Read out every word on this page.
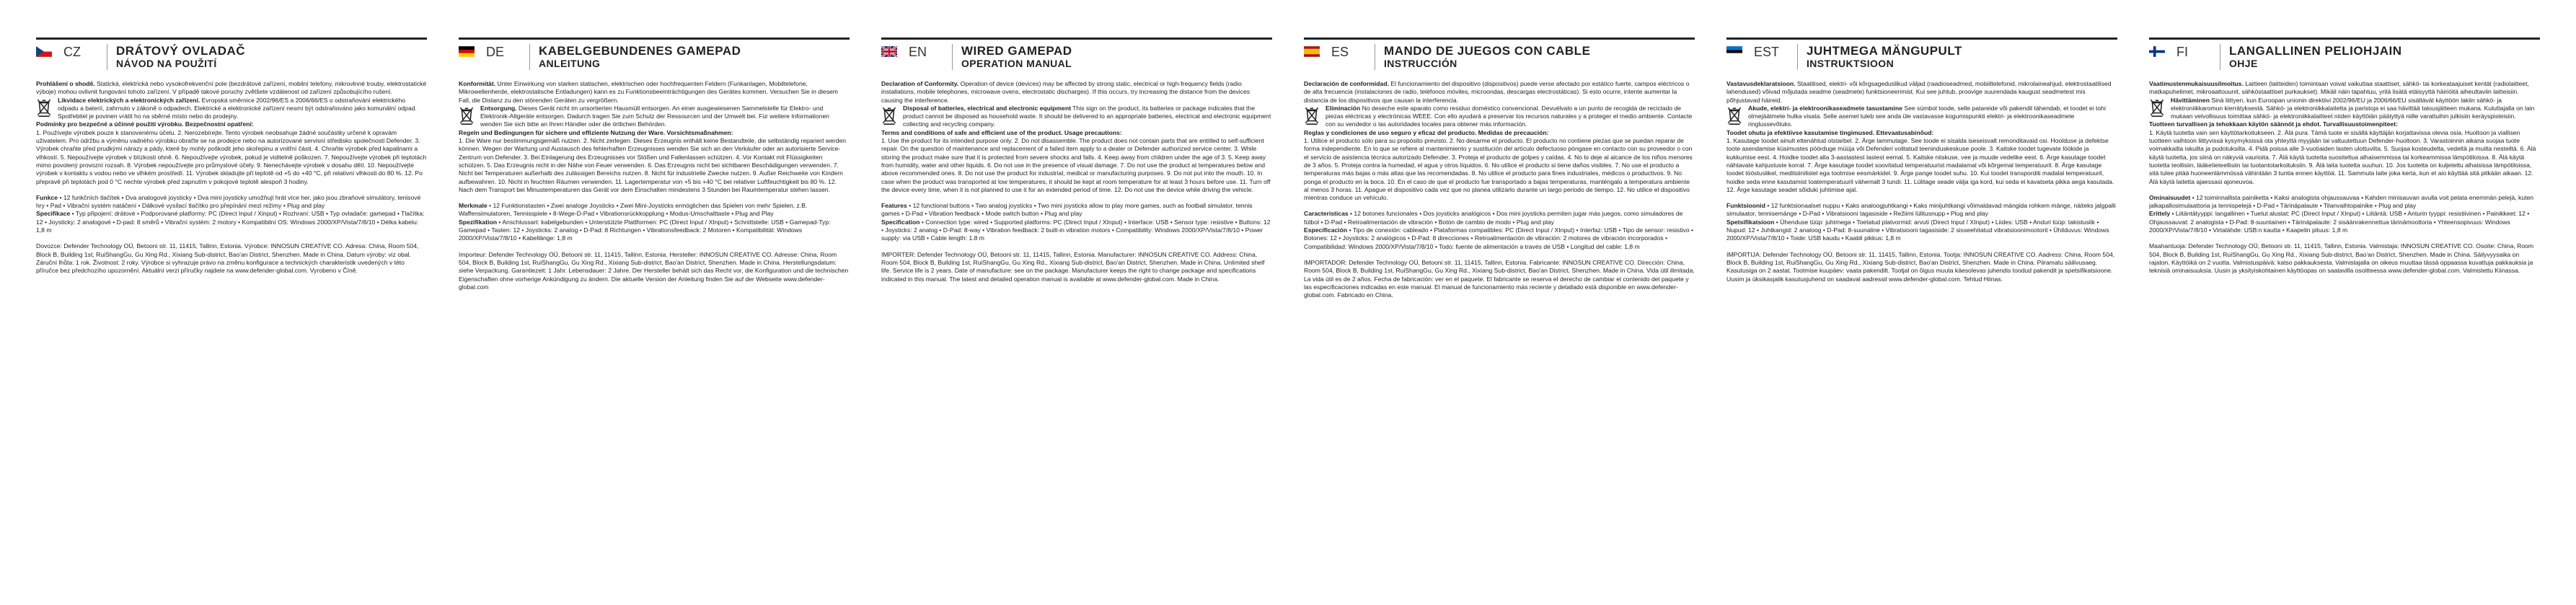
CZ	DRÁTOVÝ OVLADAČ
NÁVOD NA POUŽITÍ

Prohlášení o shodě. Statická, elektrická nebo vysokofrekvenční pole (bezdrátové zařízení, mobilní telefony, mikrovlnné trouby, elektrostatické výboje) mohou ovlivnit fungování tohoto zařízení. V případě takové poruchy zvětšete vzdálenost od zařízení způsobujícího rušení.

Likvidace elektrických a elektronických zařízení. Evropská směrnice 2002/96/ES a 2006/66/ES o odstraňování elektrického odpadu a baterií, zahrnuto v zákoně o odpadech. Elektrické a elektronické zařízení nesmí být odstraňováno jako komunální odpad. Spotřebitel je povinen vrátit ho na sběrné místo nebo do prodejny.

Podmínky pro bezpečné a účinné použití výrobku. Bezpečnostní opatření:

1. Používejte výrobek pouze k stanovenému účelu. 2. Nerozebírejte. Tento výrobek neobsahuje žádné součástky určené k opravám uživatelem. Pro údržbu a výměnu vadného výrobku obraťte se na prodejce nebo na autorizované servisní středisko společnosti Defender. 3. Výrobek chraňte před prudkými nárazy a pády, které by mohly poškodit jeho skořepinu a vnitřní části. 4. Chraňte výrobek před kapalinami a vlhkostí. 5. Nepoužívejte výrobek v blízkosti ohně. 6. Nepoužívejte výrobek, pokud je viditelně poškozen. 7. Nepoužívejte výrobek při teplotách mimo povolený provozní rozsah. 8. Výrobek nepoužívejte pro průmyslové účely. 9. Nenechávejte výrobek v dosahu dětí. 10. Nepoužívejte výrobek v kontaktu s vodou nebo ve vlhkém prostředí. 11. Výrobek skladujte při teplotě od +5 do +40 °C, při relativní vlhkosti do 80 %. 12. Po přepravě při teplotách pod 0 °C nechte výrobek před zapnutím v pokojové teplotě alespoň 3 hodiny.

Funkce • 12 funkčních tlačítek • Dva analogové joysticky • Dva mini joysticky umožňují hrát více her, jako jsou zbraňové simulátory, tenisové hry • Pad • Vibrační systém natáčení • Dálkové vysílací tlačítko pro přepínání mezi režimy • Plug and play

Specifikace • Typ připojení: drátové • Podporované platformy: PC (Direct Input / Xinput) • Rozhraní: USB • Typ ovladače: gamepad • Tlačítka: 12 • Joysticky: 2 analogové • D-pad: 8 směrů • Vibrační systém: 2 motory • Kompatibilní OS: Windows 2000/XP/Vista/7/8/10 • Délka kabelu: 1,8 m

Dovozce: Defender Technology OÜ, Betooni str. 11, 11415, Tallinn, Estonia. Výrobce: INNOSUN CREATIVE CO. Adresa: China, Room 504, Block B, Building 1st, RuiShangGu, Gu Xing Rd., Xixiang Sub-district, Bao'an District, Shenzhen. Made in China. Datum výroby: viz obal. Záruční lhůta: 1 rok. Životnost: 2 roky. Výrobce si vyhrazuje právo na změnu konfigurace a technických charakteristik uvedených v této příručce bez předchozího upozornění. Aktuální verzi příručky najdete na www.defender-global.com. Vyrobeno v Číně.

DE	KABELGEBUNDENES GAMEPAD
ANLEITUNG

Konformität. Unter Einwirkung von starken statischen, elektrischen oder hochfrequenten Feldern (Funkanlagen, Mobiltelefone, Mikrowellenherde, elektrostatische Entladungen) kann es zu Funktionsbeeinträchtigungen des Gerätes kommen. Versuchen Sie in diesem Fall, die Distanz zu den störenden Geräten zu vergrößern.

Entsorgung. Dieses Gerät nicht im unsortierten Hausmüll entsorgen. An einer ausgewiesenen Sammelstelle für Elektro- und Elektronik-Altgeräte entsorgen. Dadurch tragen Sie zum Schutz der Ressourcen und der Umwelt bei. Für weitere Informationen wenden Sie sich bitte an Ihren Händler oder die örtlichen Behörden.

Regeln und Bedingungen für sichere und effiziente Nutzung der Ware. Vorsichtsmaßnahmen:

1. Die Ware nur bestimmungsgemäß nutzen. 2. Nicht zerlegen. Dieses Erzeugnis enthält keine Bestandteile, die selbständig repariert werden können. Wegen der Wartung und Austausch des fehlerhaften Erzeugnisses wenden Sie sich an den Verkäufer oder an autorisierte Service-Zentrum von Defender. 3. Bei Einlagerung des Erzeugnisses vor Stößen und Fallenlassen schützen. 4. Vor Kontakt mit Flüssigkeiten schützen. 5. Das Erzeugnis nicht in der Nähe von Feuer verwenden. 6. Das Erzeugnis nicht bei sichtbaren Beschädigungen verwenden. 7. Nicht bei Temperaturen außerhalb des zulässigen Bereichs nutzen. 8. Nicht für industrielle Zwecke nutzen. 9. Außer Reichweite von Kindern aufbewahren. 10. Nicht in feuchten Räumen verwenden. 11. Lagertemperatur von +5 bis +40 °C bei relativer Luftfeuchtigkeit bis 80 %. 12. Nach dem Transport bei Minustemperaturen das Gerät vor dem Einschalten mindestens 3 Stunden bei Raumtemperatur stehen lassen.

Merkmale • 12 Funktionstasten • Zwei analoge Joysticks • Zwei Mini-Joysticks ermöglichen das Spielen von mehr Spielen, z.B. Waffensimulatoren, Tennisspiele • 8-Wege-D-Pad • Vibrationsrückkopplung • Modus-Umschalttaste • Plug and Play

Spezifikation • Anschlussart: kabelgebunden • Unterstützte Plattformen: PC (Direct Input / XInput) • Schnittstelle: USB • Gamepad-Typ: Gamepad • Tasten: 12 • Joysticks: 2 analog • D-Pad: 8 Richtungen • Vibrationsfeedback: 2 Motoren • Kompatibilität: Windows 2000/XP/Vista/7/8/10 • Kabellänge: 1,8 m

Importeur: Defender Technology OÜ, Betooni str. 11, 11415, Tallinn, Estonia. Hersteller: INNOSUN CREATIVE CO. Adresse: China, Room 504, Block B, Building 1st, RuiShangGu, Gu Xing Rd., Xixiang Sub-district, Bao'an District, Shenzhen. Made in China. Herstellungsdatum: siehe Verpackung. Garantiezeit: 1 Jahr. Lebensdauer: 2 Jahre. Der Hersteller behält sich das Recht vor, die Konfiguration und die technischen Eigenschaften ohne vorherige Ankündigung zu ändern. Die aktuelle Version der Anleitung finden Sie auf der Webseite www.defender-global.com

EN	WIRED GAMEPAD
OPERATION MANUAL

Declaration of Conformity. Operation of device (devices) may be affected by strong static, electrical or high-frequency fields (radio installations, mobile telephones, microwave ovens, electrostatic discharges). If this occurs, try increasing the distance from the devices causing the interference.

Disposal of batteries, electrical and electronic equipment This sign on the product, its batteries or package indicates that the product cannot be disposed as household waste. It should be delivered to an appropriate batteries, electrical and electronic equipment collecting and recycling company.

Terms and conditions of safe and efficient use of the product. Usage precautions:

1. Use the product for its intended purpose only. 2. Do not disassemble. The product does not contain parts that are entitled to self-sufficient repair. On the question of maintenance and replacement of a failed item apply to a dealer or Defender authorized service center. 3. While storing the product make sure that it is protected from severe shocks and falls. 4. Keep away from children under the age of 3. 5. Keep away from humidity, water and other liquids. 6. Do not use in the presence of visual damage. 7. Do not use the product at temperatures below and above recommended ones. 8. Do not use the product for industrial, medical or manufacturing purposes. 9. Do not put into the mouth. 10. In case when the product was transported at low temperatures, it should be kept at room temperature for at least 3 hours before use. 11. Turn off the device every time, when it is not planned to use it for an extended period of time. 12. Do not use the device while driving the vehicle.

Features • 12 functional buttons • Two analog joysticks • Two mini joysticks allow to play more games, such as football simulator, tennis games • D-Pad • Vibration feedback • Mode switch button • Plug and play

Specification • Connection type: wired • Supported platforms: PC (Direct Input / XInput) • Interface: USB • Sensor type: resistive • Buttons: 12 • Joysticks: 2 analog • D-Pad: 8-way • Vibration feedback: 2 built-in vibration motors • Compatibility: Windows 2000/XP/Vista/7/8/10 • Power supply: via USB • Cable length: 1.8 m

IMPORTER: Defender Technology OÜ, Betooni str. 11, 11415, Tallinn, Estonia. Manufacturer: INNOSUN CREATIVE CO. Address: China, Room 504, Block B, Building 1st, RuiShangGu, Gu Xing Rd., Xixiang Sub-district, Bao'an District, Shenzhen. Made in China. Unlimited shelf life. Service life is 2 years. Date of manufacture: see on the package. Manufacturer keeps the right to change package and specifications indicated in this manual. The latest and detailed operation manual is available at www.defender-global.com. Made in China.

ES	MANDO DE JUEGOS CON CABLE
INSTRUCCIÓN

Declaración de conformidad. El funcionamiento del dispositivo (dispositivos) puede verse afectado por estático fuerte, campos eléctricos o de alta frecuencia (instalaciones de radio, teléfonos móviles, microondas, descargas electrostáticas). Si esto ocurre, intente aumentar la distancia de los dispositivos que causan la interferencia.

Eliminación No deseche este aparato como residuo doméstico convencional. Devuélvalo a un punto de recogida de reciclado de piezas eléctricas y electrónicas WEEE. Con ello ayudará a preservar los recursos naturales y a proteger el medio ambiente. Contacte con su vendedor o las autoridades locales para obtener más información.

Reglas y condiciones de uso seguro y eficaz del producto. Medidas de precaución:

1. Utilice el producto sólo para su propósito previsto. 2. No desarme el producto. El producto no contiene piezas que se puedan reparar de forma independiente. En lo que se refiere al mantenimiento y sustitución del artículo defectuoso póngase en contacto con su proveedor o con el servicio de asistencia técnica autorizado Defender. 3. Proteja el producto de golpes y caídas. 4. No lo deje al alcance de los niños menores de 3 años. 5. Proteja contra la humedad, el agua y otros líquidos. 6. No utilice el producto si tiene daños visibles. 7. No use el producto a temperaturas más bajas o más altas que las recomendadas. 8. No utilice el producto para fines industriales, médicos o productivos. 9. No ponga el producto en la boca. 10. En el caso de que el producto fue transportado a bajas temperaturas, manténgalo a temperatura ambiente al menos 3 horas. 11. Apague el dispositivo cada vez que no planea utilizarlo durante un largo periodo de tiempo. 12. No utilice el dispositivo mientras conduce un vehículo.

Características • 12 botones funcionales • Dos joysticks analógicos • Dos mini joysticks permiten jugar más juegos, como simuladores de fútbol • D-Pad • Retroalimentación de vibración • Botón de cambio de modo • Plug and play

Especificación • Tipo de conexión: cableado • Plataformas compatibles: PC (Direct Input / XInput) • Interfaz: USB • Tipo de sensor: resistivo • Botones: 12 • Joysticks: 2 analógicos • D-Pad: 8 direcciones • Retroalimentación de vibración: 2 motores de vibración incorporados • Compatibilidad: Windows 2000/XP/Vista/7/8/10 • Todo: fuente de alimentación a través de USB • Longitud del cable: 1,8 m

IMPORTADOR: Defender Technology OÜ, Betooni str. 11, 11415, Tallinn, Estonia. Fabricante: INNOSUN CREATIVE CO. Dirección: China, Room 504, Block B, Building 1st, RuiShangGu, Gu Xing Rd., Xixiang Sub-district, Bao'an District, Shenzhen. Made in China. Vida útil ilimitada. La vida útil es de 2 años. Fecha de fabricación: ver en el paquete. El fabricante se reserva el derecho de cambiar el contenido del paquete y las especificaciones indicadas en este manual. El manual de funcionamiento más reciente y detallado está disponible en www.defender-global.com. Fabricado en China.

EST	JUHTMEGA MÄNGUPULT
INSTRUKTSIOON

Vastavusdeklaratsioon. Staatilised, elektri- või kõrgsageduslikud väljad (raadioseadmed, mobiiltelefonid, mikrolaineahjud, elektrostaatilised lahendused) võivad mõjutada seadme (seadmete) funktsioneerimist. Kui see juhtub, proovige suurendada kaugust seadmetest mis põhjustavad häireid.

Akude, elektri- ja elektroonikaseadmete tasustamine See sümbol toode, selle patareide või pakendil tähendab, et toodet ei tohi olmejäätmete hulka visata. Selle asemel tuleb see anda üle vastavasse kogumispunkti elektri- ja elektroonikaseadmete ringlussevõtuks.

Toodet ohutu ja efektiivse kasutamise tingimused. Ettevaatusabinõud:

1. Kasutage toodet ainult ettenähtud otstarbel. 2. Ärge lammutage. See toode ei sisalda iseseisvalt remonditavaid osi. Hoolduse ja defektse toote asendamise küsimustes pöörduge müüja või Defenderi volitatud teeninduskeskuse poole. 3. Kaitske toodet tugevate löökide ja kukkumise eest. 4. Hoidke toodet alla 3-aastastest lastest eemal. 5. Kaitske niiskuse, vee ja muude vedelike eest. 6. Ärge kasutage toodet nähtavate kahjustuste korral. 7. Ärge kasutage toodet soovitatud temperatuurist madalamal või kõrgemal temperatuuril. 8. Ärge kasutage toodet tööstuslikel, meditsiinilistel ega tootmise eesmärkidel. 9. Ärge pange toodet suhu. 10. Kui toodet transporditi madalal temperatuuril, hoidke seda enne kasutamist toatemperatuuril vähemalt 3 tundi. 11. Lülitage seade välja iga kord, kui seda ei kavatseta pikka aega kasutada. 12. Ärge kasutage seadet sõiduki juhtimise ajal.

Funktsioonid • 12 funktsionaalset nuppu • Kaks analoogjuhtkangi • Kaks minijuhtkangi võimaldavad mängida rohkem mänge, näiteks jalgpalli simulaator, tennisemänge • D-Pad • Vibratsiooni tagasiside • Režiimi lülitusnupp • Plug and play

Spetsifikatsioon • Ühenduse tüüp: juhtmega • Toetatud platvormid: arvuti (Direct Input / XInput) • Liides: USB • Anduri tüüp: takistuslik • Nupud: 12 • Juhtkangid: 2 analoog • D-Pad: 8-suunaline • Vibratsiooni tagasiside: 2 sisseehitatud vibratsioonimootorit • Ühilduvus: Windows 2000/XP/Vista/7/8/10 • Toide: USB kaudu • Kaabli pikkus: 1,8 m

IMPORTIJA: Defender Technology OÜ, Betooni str. 11, 11415, Tallinn, Estonia. Tootja: INNOSUN CREATIVE CO. Aadress: China, Room 504, Block B, Building 1st, RuiShangGu, Gu Xing Rd., Xixiang Sub-district, Bao'an District, Shenzhen. Made in China. Piiramatu säilivusaeg. Kasutusiga on 2 aastat. Tootmise kuupäev: vaata pakendilt. Tootjal on õigus muuta käesolevas juhendis toodud pakendit ja spetsifikatsioone. Uusim ja üksikasjalik kasutusjuhend on saadaval aadressil www.defender-global.com. Tehtud Hiinas.

FI	LANGALLINEN PELIOHJAIN
OHJE

Vaatimustenmukaisuusilmoitus. Laitteen (laitteiden) toimintaan voivat vaikuttaa staattiset, sähkö- tai korkeataajuiset kentät (radiolaitteet, matkapuhelimet, mikroaaltouunit, sähköstaattiset purkaukset). Mikäli näin tapahtuu, yritä lisätä etäisyyttä häiriöitä aiheuttaviin laitteisiin.

Hävittäminen Sinä liittyen, kun Euroopan unionin direktiivi 2002/96/EU ja 2006/66/EU sisältävät käyttöön lakiin sähkö- ja elektroniikkaromun kierrätyksestä. Sähkö- ja elektroniikkalaitetta ja paristoja ei saa hävittää talousjätteen mukana. Kuluttajalla on lain mukaan velvollisuus toimittaa sähkö- ja elektroniikkalaitteet niiden käyttöiän päätyttyä niille varattuihin julkisiin keräyspisteisiin.

Tuotteen turvallisen ja tehokkaan käytön säännöt ja ehdot. Turvallisuustoimenpiteet:

1. Käytä tuotetta vain sen käyttötarkoitukseen. 2. Älä pura. Tämä tuote ei sisällä käyttäjän korjattavissa olevia osia. Huoltoon ja viallisen tuotteen vaihtoon liittyvissä kysymyksissä ota yhteyttä myyjään tai valtuutettuun Defender-huoltoon. 3. Varastoinnin aikana suojaa tuote voimakkailta iskuilta ja pudotuksilta. 4. Pidä poissa alle 3-vuotiaiden lasten ulottuvilta. 5. Suojaa kosteudelta, vedeltä ja muilta nesteiltä. 6. Älä käytä tuotetta, jos siinä on näkyviä vaurioita. 7. Älä käytä tuotetta suositeltua alhaisemmissa tai korkeammissa lämpötiloissa. 8. Älä käytä tuotetta teollisiin, lääketieteellisiin tai tuotantotarkoituksiin. 9. Älä laita tuotetta suuhun. 10. Jos tuotetta on kuljetettu alhaisissa lämpötiloissa, sitä tulee pitää huoneenlämmössä vähintään 3 tuntia ennen käyttöä. 11. Sammuta laite joka kerta, kun et aio käyttää sitä pitkään aikaan. 12. Älä käytä laitetta ajaessasi ajoneuvoa.

Ominaisuudet • 12 toiminnallista painiketta • Kaksi analogista ohjaussauvaa • Kahden minisauvan avulla voit pelata enemmän pelejä, kuten jalkapallosimulaattoria ja tennispelejä • D-Pad • Tärinäpalaute • Tilanvaihtopainike • Plug and play

Erittely • Liitäntätyyppi: langallinen • Tuetut alustat: PC (Direct Input / XInput) • Liitäntä: USB • Anturin tyyppi: resistiivinen • Painikkeet: 12 • Ohjaussauvat: 2 analogista • D-Pad: 8-suuntainen • Tärinäpalaute: 2 sisäänrakennettua tärinämoottoria • Yhteensopivuus: Windows 2000/XP/Vista/7/8/10 • Virtalähde: USB:n kautta • Kaapelin pituus: 1,8 m

Maahantuoja: Defender Technology OÜ, Betooni str. 11, 11415, Tallinn, Estonia. Valmistaja: INNOSUN CREATIVE CO. Osoite: China, Room 504, Block B, Building 1st, RuiShangGu, Gu Xing Rd., Xixiang Sub-district, Bao'an District, Shenzhen. Made in China. Säilyvyysaika on rajaton. Käyttöikä on 2 vuotta. Valmistuspäivä: katso pakkauksesta. Valmistajalla on oikeus muuttaa tässä oppaassa kuvattuja pakkauksia ja teknisiä ominaisuuksia. Uusin ja yksityiskohtainen käyttöopas on saatavilla osoitteessa www.defender-global.com. Valmistettu Kiinassa.
